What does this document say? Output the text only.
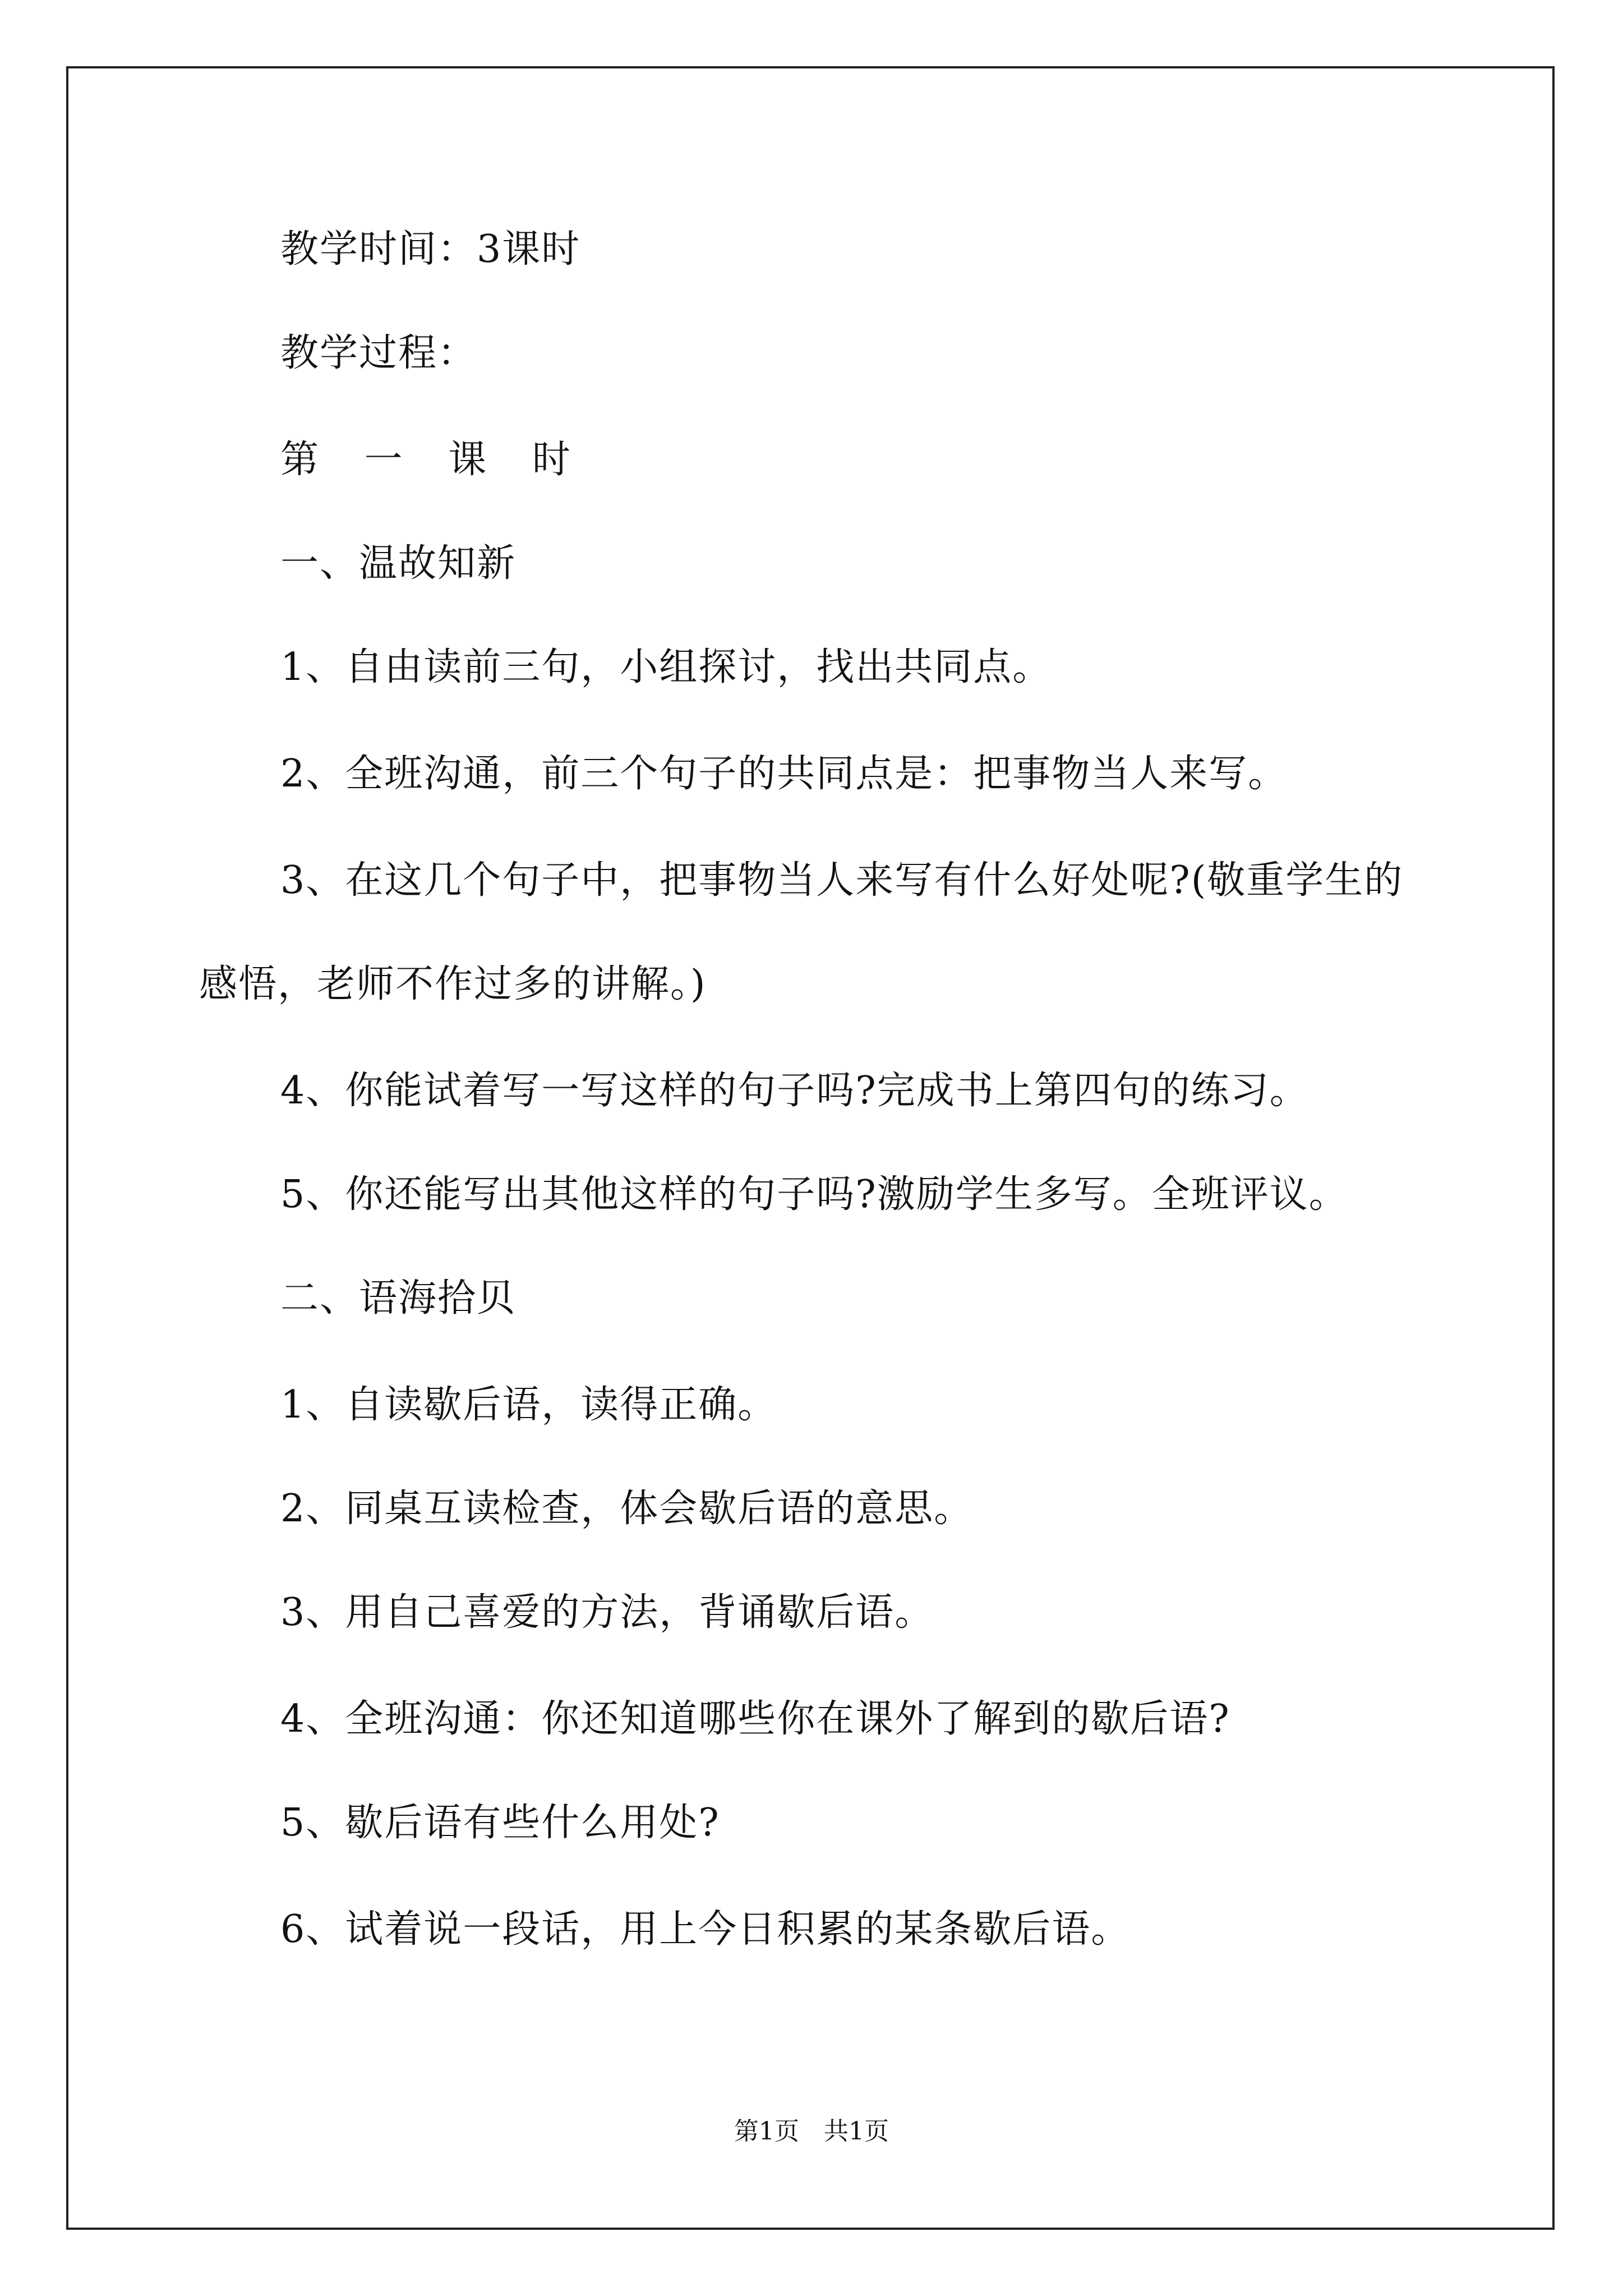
教学时间：3课时
教学过程：
第 一 课 时
一、温故知新
1、自由读前三句，小组探讨，找出共同点。
2、全班沟通，前三个句子的共同点是：把事物当人来写。
3、在这几个句子中，把事物当人来写有什么好处呢?(敬重学生的
感悟，老师不作过多的讲解。)
4、你能试着写一写这样的句子吗?完成书上第四句的练习。
5、你还能写出其他这样的句子吗?激励学生多写。全班评议。
二、语海拾贝
1、自读歇后语，读得正确。
2、同桌互读检查，体会歇后语的意思。
3、用自己喜爱的方法，背诵歇后语。
4、全班沟通：你还知道哪些你在课外了解到的歇后语?
5、歇后语有些什么用处?
6、试着说一段话，用上今日积累的某条歇后语。
第1页　共1页
